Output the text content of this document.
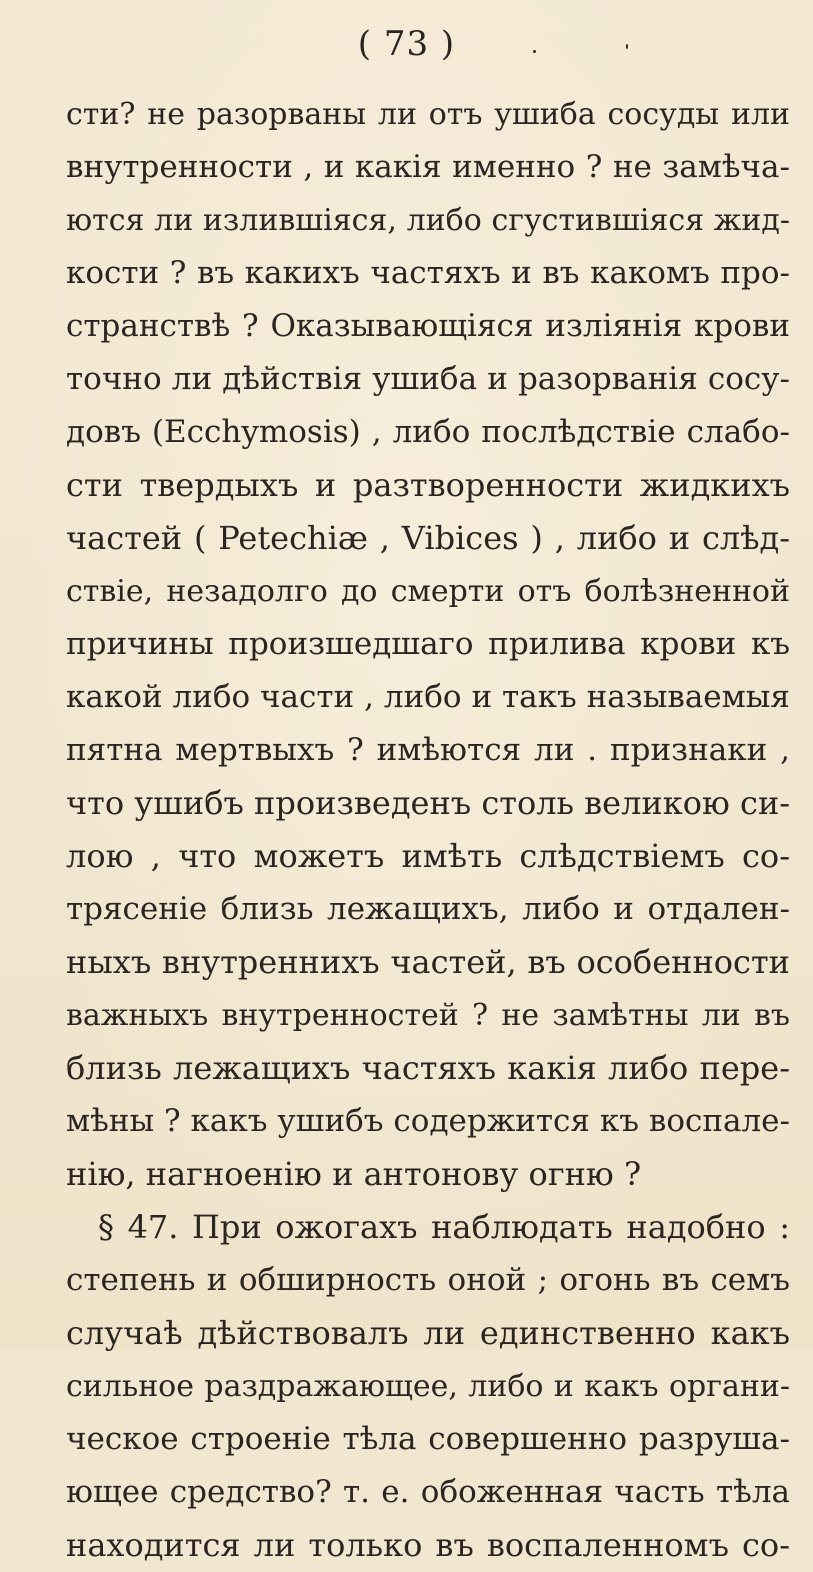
( 73 )
сти? не разорваны ли отъ ушиба сосуды или
внутренности , и какія именно ? не замѣча-
ются ли излившіяся, либо сгустившіяся жид-
кости ? въ какихъ частяхъ и въ какомъ про-
странствѣ ? Оказывающіяся изліянія крови
точно ли дѣйствія ушиба и разорванія сосу-
довъ (Ecchymosis) , либо послѣдствіе слабо-
сти твердыхъ и разтворенности жидкихъ
частей ( Petechiæ , Vibices ) , либо и слѣд-
ствіе, незадолго до смерти отъ болѣзненной
причины произшедшаго прилива крови къ
какой либо части , либо и такъ называемыя
пятна мертвыхъ ? имѣются ли . признаки ,
что ушибъ произведенъ столь великою си-
лою , что можетъ имѣть слѣдствіемъ со-
трясеніе близь лежащихъ, либо и отдален-
ныхъ внутреннихъ частей, въ особенности
важныхъ внутренностей ? не замѣтны ли въ
близь лежащихъ частяхъ какія либо пере-
мѣны ? какъ ушибъ содержится къ воспале-
нію, нагноенію и антонову огню ?
§ 47. При ожогахъ наблюдать надобно :
степень и обширность оной ; огонь въ семъ
случаѣ дѣйствовалъ ли единственно какъ
сильное раздражающее, либо и какъ органи-
ческое строеніе тѣла совершенно разруша-
ющее средство? т. е. обоженная часть тѣла
находится ли только въ воспаленномъ со-
